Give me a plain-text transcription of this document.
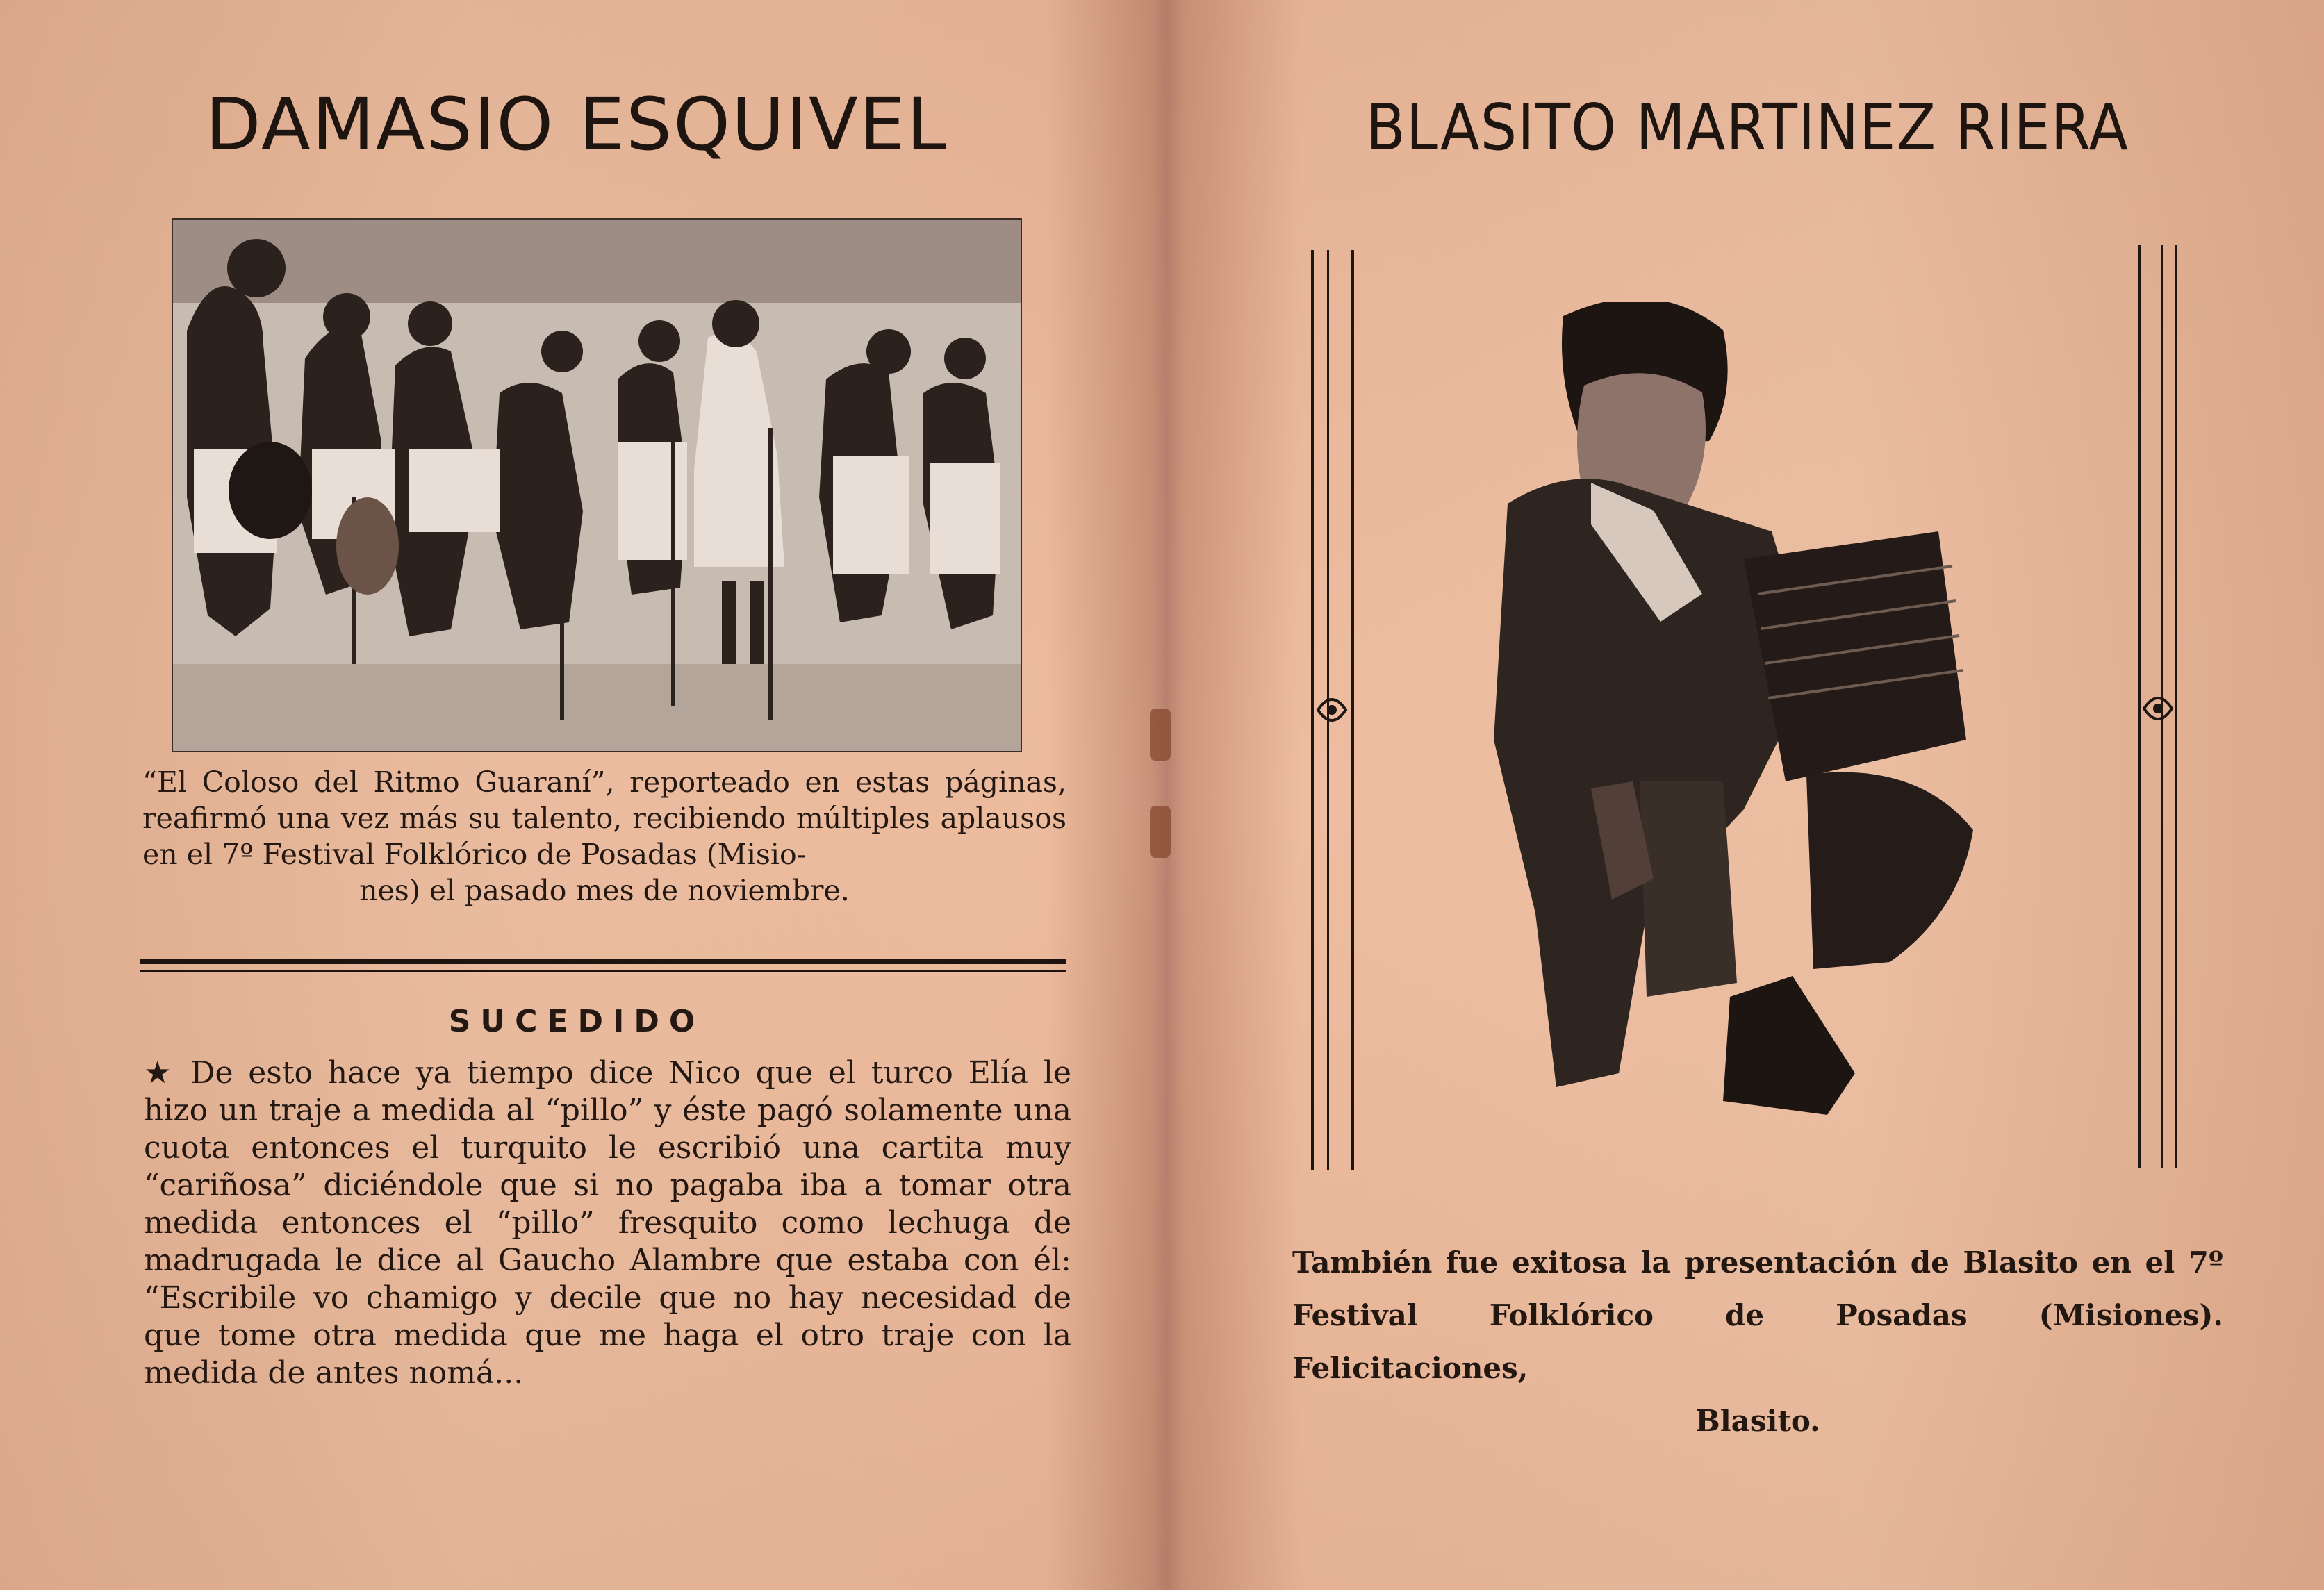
DAMASIO ESQUIVEL
“El Coloso del Ritmo Guaraní”, reporteado en estas páginas, reafirmó una vez más su talento, recibiendo múltiples aplausos en el 7º Festival Folklórico de Posadas (Misio-
nes) el pasado mes de noviembre.
SUCEDIDO
★ De esto hace ya tiempo dice Nico que el turco Elía le hizo un traje a medida al “pillo” y éste pagó solamente una cuota entonces el turquito le escribió una cartita muy “cariñosa” diciéndole que si no pagaba iba a tomar otra medida entonces el “pillo” fresquito como lechuga de madrugada le dice al Gaucho Alambre que estaba con él: “Escribile vo chamigo y decile que no hay necesidad de que tome otra medida que me haga el otro traje con la medida de antes nomá...
BLASITO MARTINEZ RIERA
También fue exitosa la presentación de Blasito en el 7º Festival Folklórico de Posadas (Misiones). Felicitaciones,
Blasito.
